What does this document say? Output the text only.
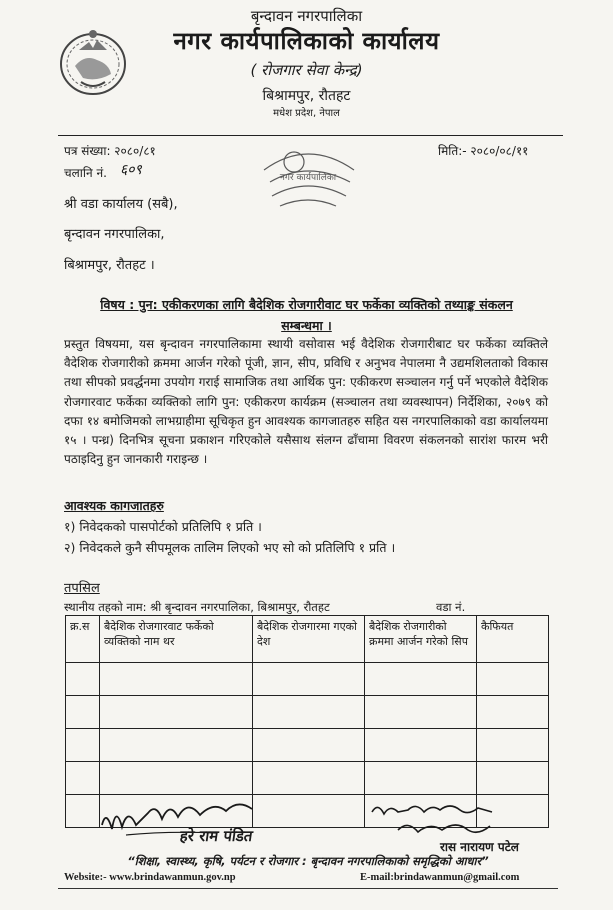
बृन्दावन नगरपालिका
नगर कार्यपालिकाको कार्यालय
( रोजगार सेवा केन्द्र)
बिश्रामपुर, रौतहट
मधेश प्रदेश, नेपाल
नगर कार्यपालिका
पत्र संख्या: २०८०/८१
चलानि नं. ६०९
मिति:- २०८०/०८/११
श्री वडा कार्यालय (सबै),
बृन्दावन नगरपालिका,
बिश्रामपुर, रौतहट ।
विषय : पुन: एकीकरणका लागि बैदेशिक रोजगारीवाट घर फर्केका व्यक्तिको तथ्याङ्क संकलन
सम्बन्धमा ।
प्रस्तुत विषयमा, यस बृन्दावन नगरपालिकामा स्थायी वसोवास भई वैदेशिक रोजगारीबाट घर फर्केका व्यक्तिले वैदेशिक रोजगारीको क्रममा आर्जन गरेको पूंजी, ज्ञान, सीप, प्रविधि र अनुभव नेपालमा नै उद्यमशिलताको विकास तथा सीपको प्रवर्द्धनमा उपयोग गराई सामाजिक तथा आर्थिक पुन: एकीकरण सञ्चालन गर्नु पर्ने भएकोले वैदेशिक रोजगारवाट फर्केका व्यक्तिको लागि पुन: एकीकरण कार्यक्रम (सञ्चालन तथा व्यवस्थापन) निर्देशिका, २०७९ को दफा १४ बमोजिमको लाभग्राहीमा सूचिकृत हुन आवश्यक कागजातहरु सहित यस नगरपालिकाको वडा कार्यालयमा १५ । पन्ध्र) दिनभित्र सूचना प्रकाशन गरिएकोले यसैसाथ संलग्न ढाँचामा विवरण संकलनको सारांश फारम भरी पठाइदिनु हुन जानकारी गराइन्छ ।
आवश्यक कागजातहरु
१) निवेदकको पासपोर्टको प्रतिलिपि १ प्रति ।
२) निवेदकले कुनै सीपमूलक तालिम लिएको भए सो को प्रतिलिपि १ प्रति ।
तपसिल
स्थानीय तहको नाम: श्री बृन्दावन नगरपालिका, बिश्रामपुर, रौतहट	वडा नं.
क्र.स	बैदेशिक रोजगारवाट फर्केको व्यक्तिको नाम थर	बैदेशिक रोजगारमा गएको देश	बैदेशिक रोजगारीको क्रममा आर्जन गरेको सिप	कैफियत

हरे राम पंडित
रास नारायण पटेल
“शिक्षा, स्वास्थ्य, कृषि, पर्यटन र रोजगार : बृन्दावन नगरपालिकाको समृद्धिको आधार”
Website:- www.brindawanmun.gov.np	E-mail:brindawanmun@gmail.com
